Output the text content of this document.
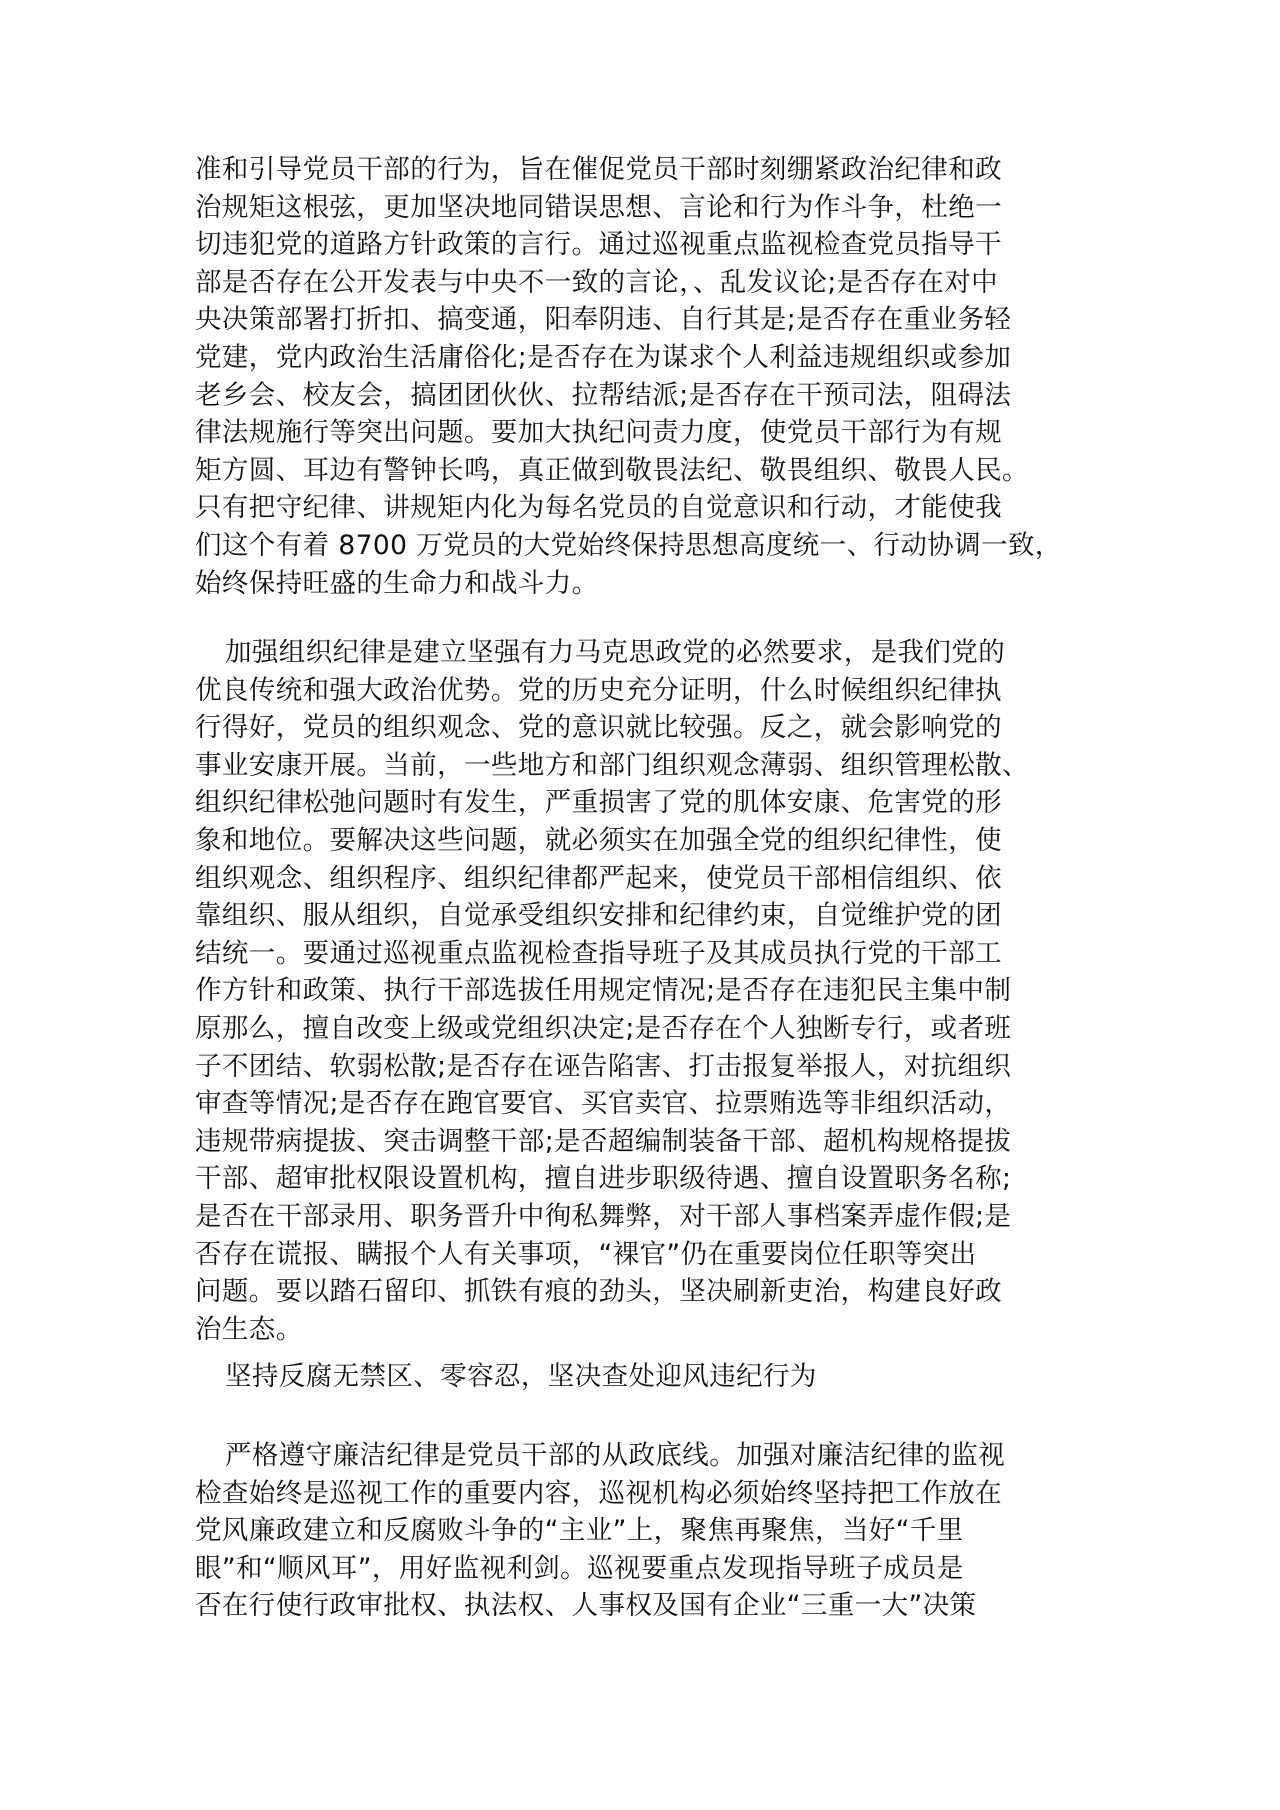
准和引导党员干部的行为，旨在催促党员干部时刻绷紧政治纪律和政
治规矩这根弦，更加坚决地同错误思想、言论和行为作斗争，杜绝一
切违犯党的道路方针政策的言行。通过巡视重点监视检查党员指导干
部是否存在公开发表与中央不一致的言论，、乱发议论;是否存在对中
央决策部署打折扣、搞变通，阳奉阴违、自行其是;是否存在重业务轻
党建，党内政治生活庸俗化;是否存在为谋求个人利益违规组织或参加
老乡会、校友会，搞团团伙伙、拉帮结派;是否存在干预司法，阻碍法
律法规施行等突出问题。要加大执纪问责力度，使党员干部行为有规
矩方圆、耳边有警钟长鸣，真正做到敬畏法纪、敬畏组织、敬畏人民。
只有把守纪律、讲规矩内化为每名党员的自觉意识和行动，才能使我
们这个有着 8700 万党员的大党始终保持思想高度统一、行动协调一致，
始终保持旺盛的生命力和战斗力。
加强组织纪律是建立坚强有力马克思政党的必然要求，是我们党的
优良传统和强大政治优势。党的历史充分证明，什么时候组织纪律执
行得好，党员的组织观念、党的意识就比较强。反之，就会影响党的
事业安康开展。当前，一些地方和部门组织观念薄弱、组织管理松散、
组织纪律松弛问题时有发生，严重损害了党的肌体安康、危害党的形
象和地位。要解决这些问题，就必须实在加强全党的组织纪律性，使
组织观念、组织程序、组织纪律都严起来，使党员干部相信组织、依
靠组织、服从组织，自觉承受组织安排和纪律约束，自觉维护党的团
结统一。要通过巡视重点监视检查指导班子及其成员执行党的干部工
作方针和政策、执行干部选拔任用规定情况;是否存在违犯民主集中制
原那么，擅自改变上级或党组织决定;是否存在个人独断专行，或者班
子不团结、软弱松散;是否存在诬告陷害、打击报复举报人，对抗组织
审查等情况;是否存在跑官要官、买官卖官、拉票贿选等非组织活动，
违规带病提拔、突击调整干部;是否超编制装备干部、超机构规格提拔
干部、超审批权限设置机构，擅自进步职级待遇、擅自设置职务名称;
是否在干部录用、职务晋升中徇私舞弊，对干部人事档案弄虚作假;是
否存在谎报、瞒报个人有关事项，“裸官”仍在重要岗位任职等突出
问题。要以踏石留印、抓铁有痕的劲头，坚决刷新吏治，构建良好政
治生态。
坚持反腐无禁区、零容忍，坚决查处迎风违纪行为
严格遵守廉洁纪律是党员干部的从政底线。加强对廉洁纪律的监视
检查始终是巡视工作的重要内容，巡视机构必须始终坚持把工作放在
党风廉政建立和反腐败斗争的“主业”上，聚焦再聚焦，当好“千里
眼”和“顺风耳”，用好监视利剑。巡视要重点发现指导班子成员是
否在行使行政审批权、执法权、人事权及国有企业“三重一大”决策
